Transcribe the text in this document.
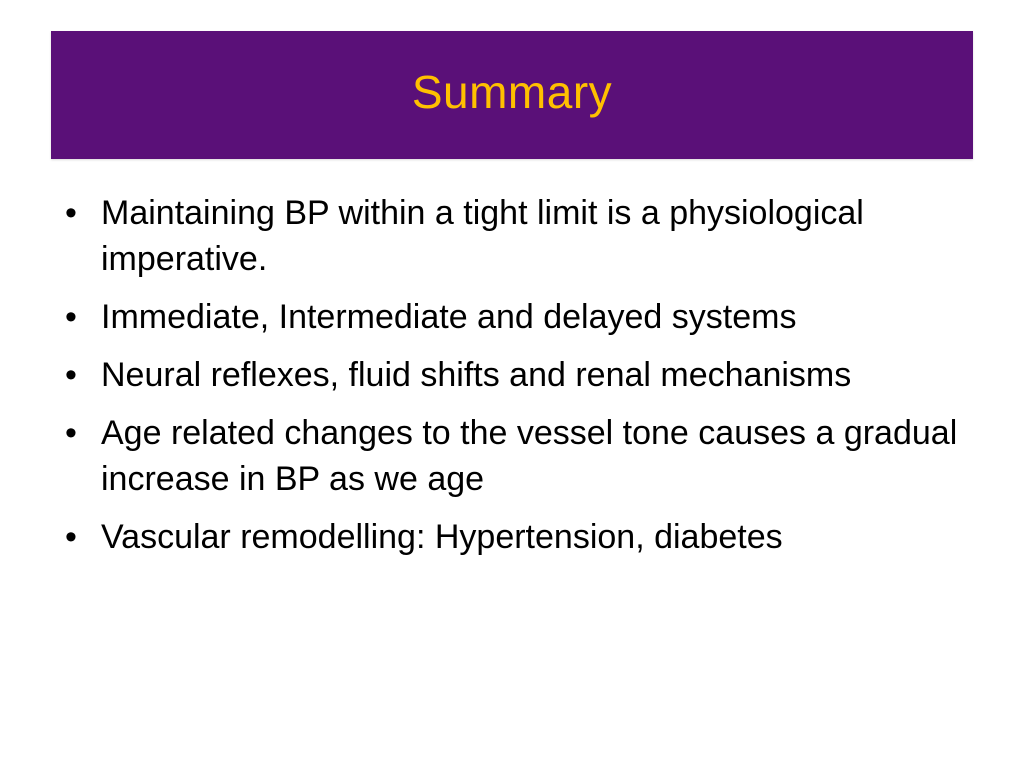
Summary
• Maintaining BP within a tight limit is a physiological imperative.
• Immediate, Intermediate and delayed systems
• Neural reflexes, fluid shifts and renal mechanisms
• Age related changes to the vessel tone causes a gradual increase in BP as we age
• Vascular remodelling: Hypertension, diabetes
